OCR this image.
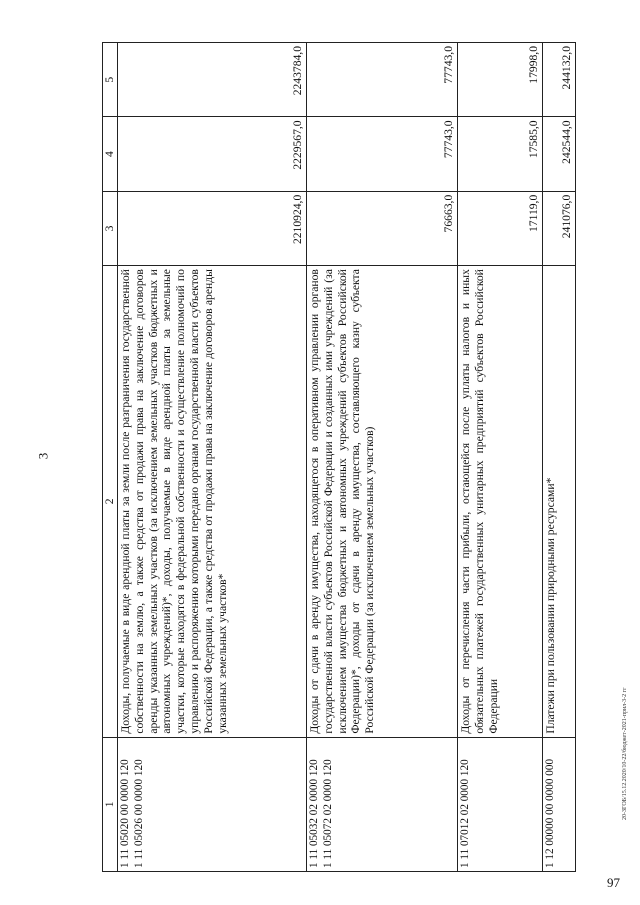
3
1	2	3	4	5

1 11 05020 00 0000 120 1 11 05026 00 0000 120	Доходы, получаемые в виде арендной платы за земли после разграничения государственной собственности на землю, а также средства от продажи права на заключение договоров аренды указанных земельных участков (за исключением земельных участков бюджетных и автономных учреждений)*, доходы, получаемые в виде арендной платы за земельные участки, которые находятся в федеральной собственности и осуществление полномочий по управлению и распоряжению которыми передано органам государственной власти субъектов Российской Федерации, а также средства от продажи права на заключение договоров аренды указанных земельных участков*	2210924,0	2229567,0	2243784,0

1 11 05032 02 0000 120 1 11 05072 02 0000 120	Доходы от сдачи в аренду имущества, находящегося в оперативном управлении органов государственной власти субъектов Российской Федерации и созданных ими учреждений (за исключением имущества бюджетных и автономных учреждений субъектов Российской Федерации)*, доходы от сдачи в аренду имущества, составляющего казну субъекта Российской Федерации (за исключением земельных участков)	76663,0	77743,0	77743,0

1 11 07012 02 0000 120	Доходы от перечисления части прибыли, остающейся после уплаты налогов и иных обязательных платежей государственных унитарных предприятий субъектов Российской Федерации	17119,0	17585,0	17998,0

1 12 00000 00 0000 000	Платежи при пользовании природными ресурсами*	241076,0	242544,0	244132,0
20-ЗГОБ/15.12.2020/10-22/бюджет-2021-прил-3-2 гг
97
